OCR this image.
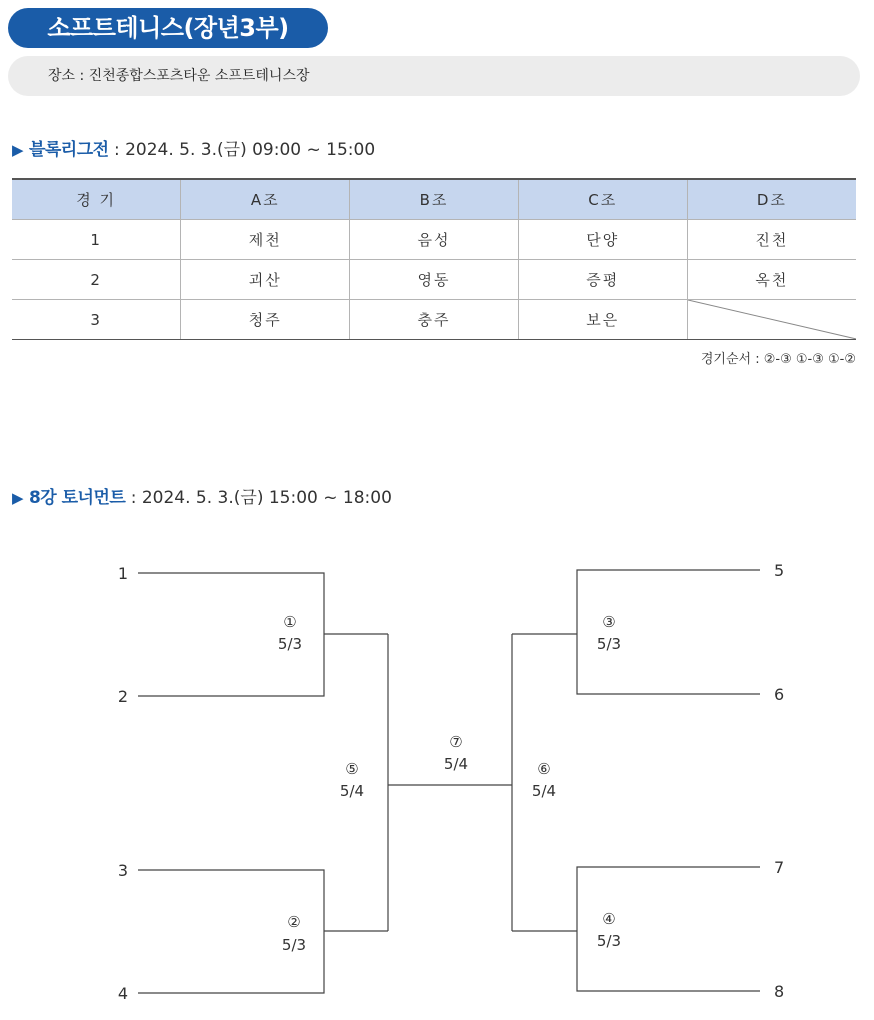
소프트테니스(장년3부)
장소 : 진천종합스포츠타운 소프트테니스장
▶ 블록리그전 : 2024. 5. 3.(금) 09:00 ~ 15:00
경 기	A조	B조	C조	D조
1	제천	음성	단양	진천
2	괴산	영동	증평	옥천
3	청주	충주	보은	
경기순서 : ②-③ ①-③ ①-②
▶ 8강 토너먼트 : 2024. 5. 3.(금) 15:00 ~ 18:00
1
2
3
4
5
6
7
8
①
5/3
②
5/3
③
5/3
④
5/3
⑤
5/4
⑥
5/4
⑦
5/4
